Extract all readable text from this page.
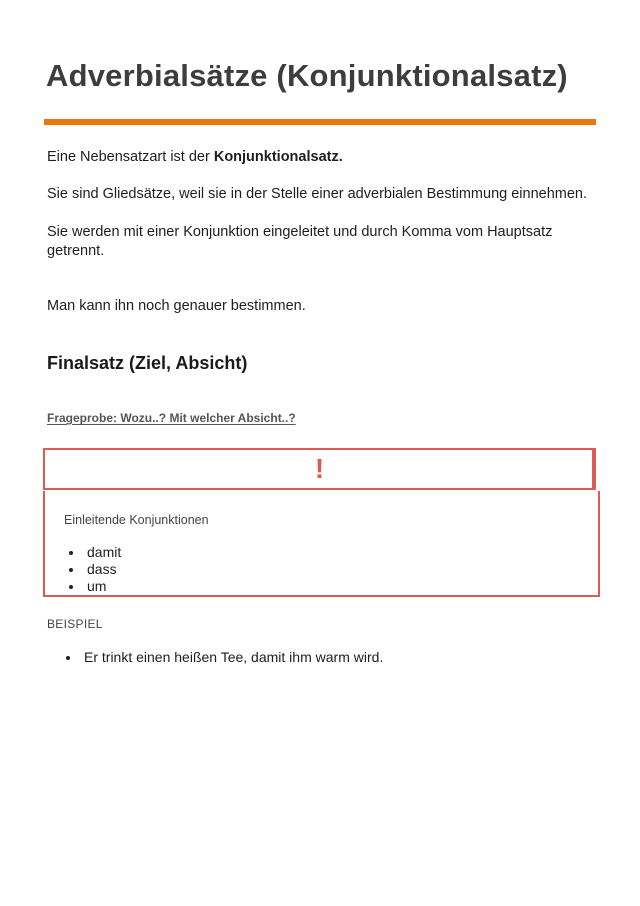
Adverbialsätze (Konjunktionalsatz)

Eine Nebensatzart ist der Konjunktionalsatz.

Sie sind Gliedsätze, weil sie in der Stelle einer adverbialen Bestimmung einnehmen.

Sie werden mit einer Konjunktion eingeleitet und durch Komma vom Hauptsatz getrennt.

Man kann ihn noch genauer bestimmen.

Finalsatz (Ziel, Absicht)
Frageprobe: Wozu..? Mit welcher Absicht..?
!
Einleitende Konjunktionen
damit
dass
um
BEISPIEL
Er trinkt einen heißen Tee, damit ihm warm wird.
